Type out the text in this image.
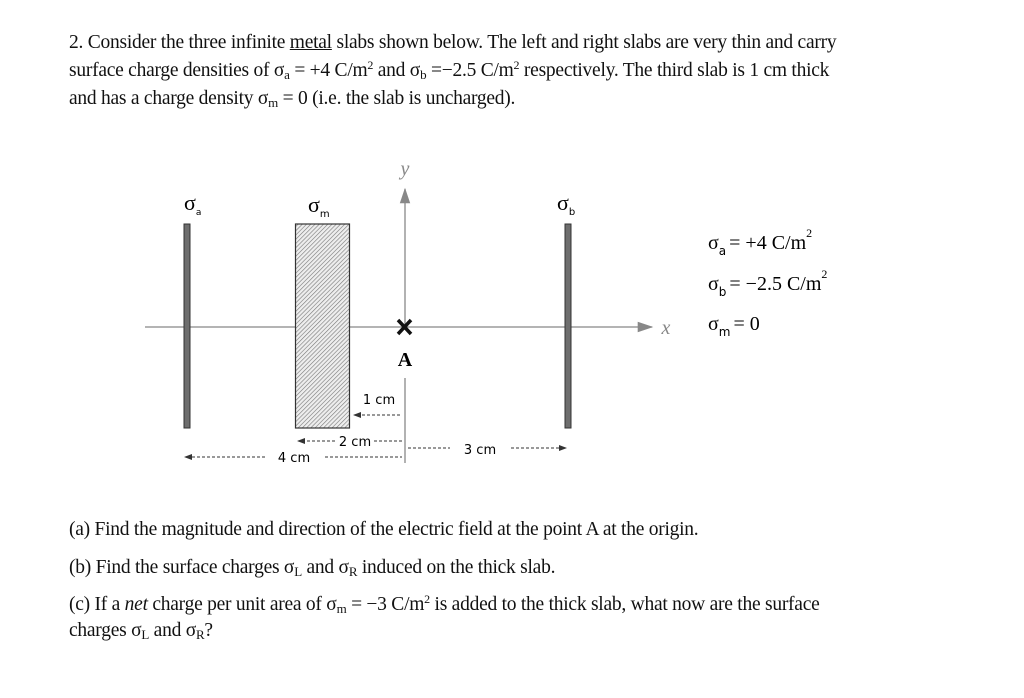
2. Consider the three infinite metal slabs shown below. The left and right slabs are very thin and carry
surface charge densities of $\sigma_a = +4$ $C/m^2$ and $\sigma_b =-2.5$ $C/m^2$ respectively. The third slab is 1 cm thick
and has a charge density $\sigma_m = 0$ (i.e. the slab is uncharged).
y
x
$\sigma_a$	$\sigma_m$	$\sigma_b$
A
1 cm
2 cm
4 cm
3 cm
$\sigma_a = +4$ $C/m^2$
$\sigma_b = -2.5$ $C/m^2$
$\sigma_m = 0$
(a) Find the magnitude and direction of the electric field at the point A at the origin.
(b) Find the surface charges $\sigma_L$ and $\sigma_R$ induced on the thick slab.
(c) If a net charge per unit area of $\sigma_m = -3$ $C/m^2$ is added to the thick slab, what now are the surface
charges $\sigma_L$ and $\sigma_R$?
